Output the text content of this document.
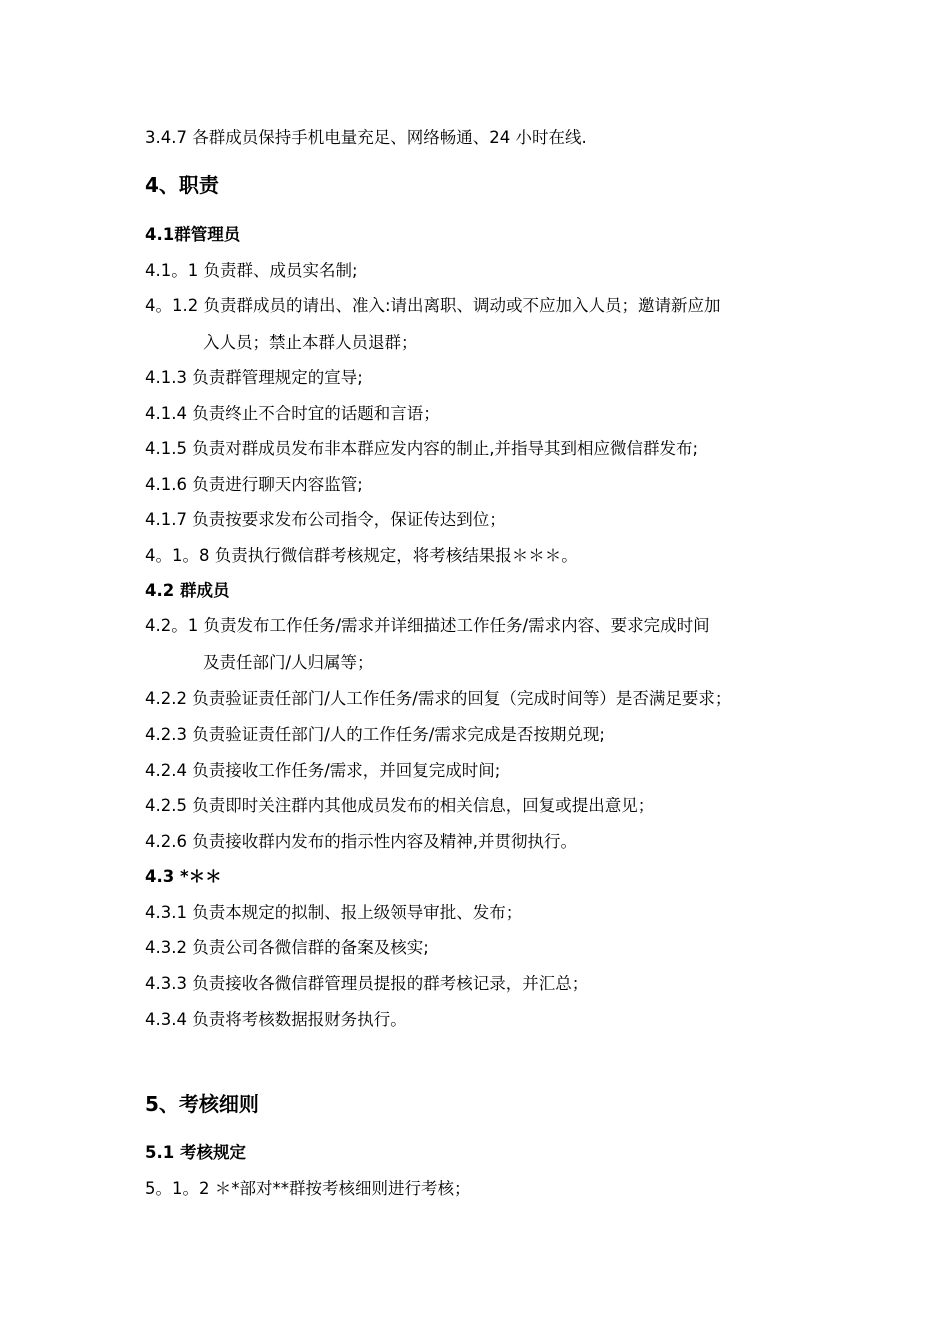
3.4.7 各群成员保持手机电量充足、网络畅通、24 小时在线.
4、职责
4.1群管理员
4.1。1 负责群、成员实名制;
4。1.2 负责群成员的请出、准入:请出离职、调动或不应加入人员；邀请新应加
入人员；禁止本群人员退群；
4.1.3 负责群管理规定的宣导;
4.1.4 负责终止不合时宜的话题和言语；
4.1.5 负责对群成员发布非本群应发内容的制止,并指导其到相应微信群发布;
4.1.6 负责进行聊天内容监管;
4.1.7 负责按要求发布公司指令，保证传达到位；
4。1。8 负责执行微信群考核规定，将考核结果报＊＊＊。
4.2 群成员
4.2。1 负责发布工作任务/需求并详细描述工作任务/需求内容、要求完成时间
及责任部门/人归属等；
4.2.2 负责验证责任部门/人工作任务/需求的回复（完成时间等）是否满足要求；
4.2.3 负责验证责任部门/人的工作任务/需求完成是否按期兑现;
4.2.4 负责接收工作任务/需求，并回复完成时间;
4.2.5 负责即时关注群内其他成员发布的相关信息，回复或提出意见；
4.2.6 负责接收群内发布的指示性内容及精神,并贯彻执行。
4.3 *＊＊
4.3.1 负责本规定的拟制、报上级领导审批、发布；
4.3.2 负责公司各微信群的备案及核实;
4.3.3 负责接收各微信群管理员提报的群考核记录，并汇总；
4.3.4 负责将考核数据报财务执行。
5、考核细则
5.1 考核规定
5。1。2 ＊*部对**群按考核细则进行考核；
